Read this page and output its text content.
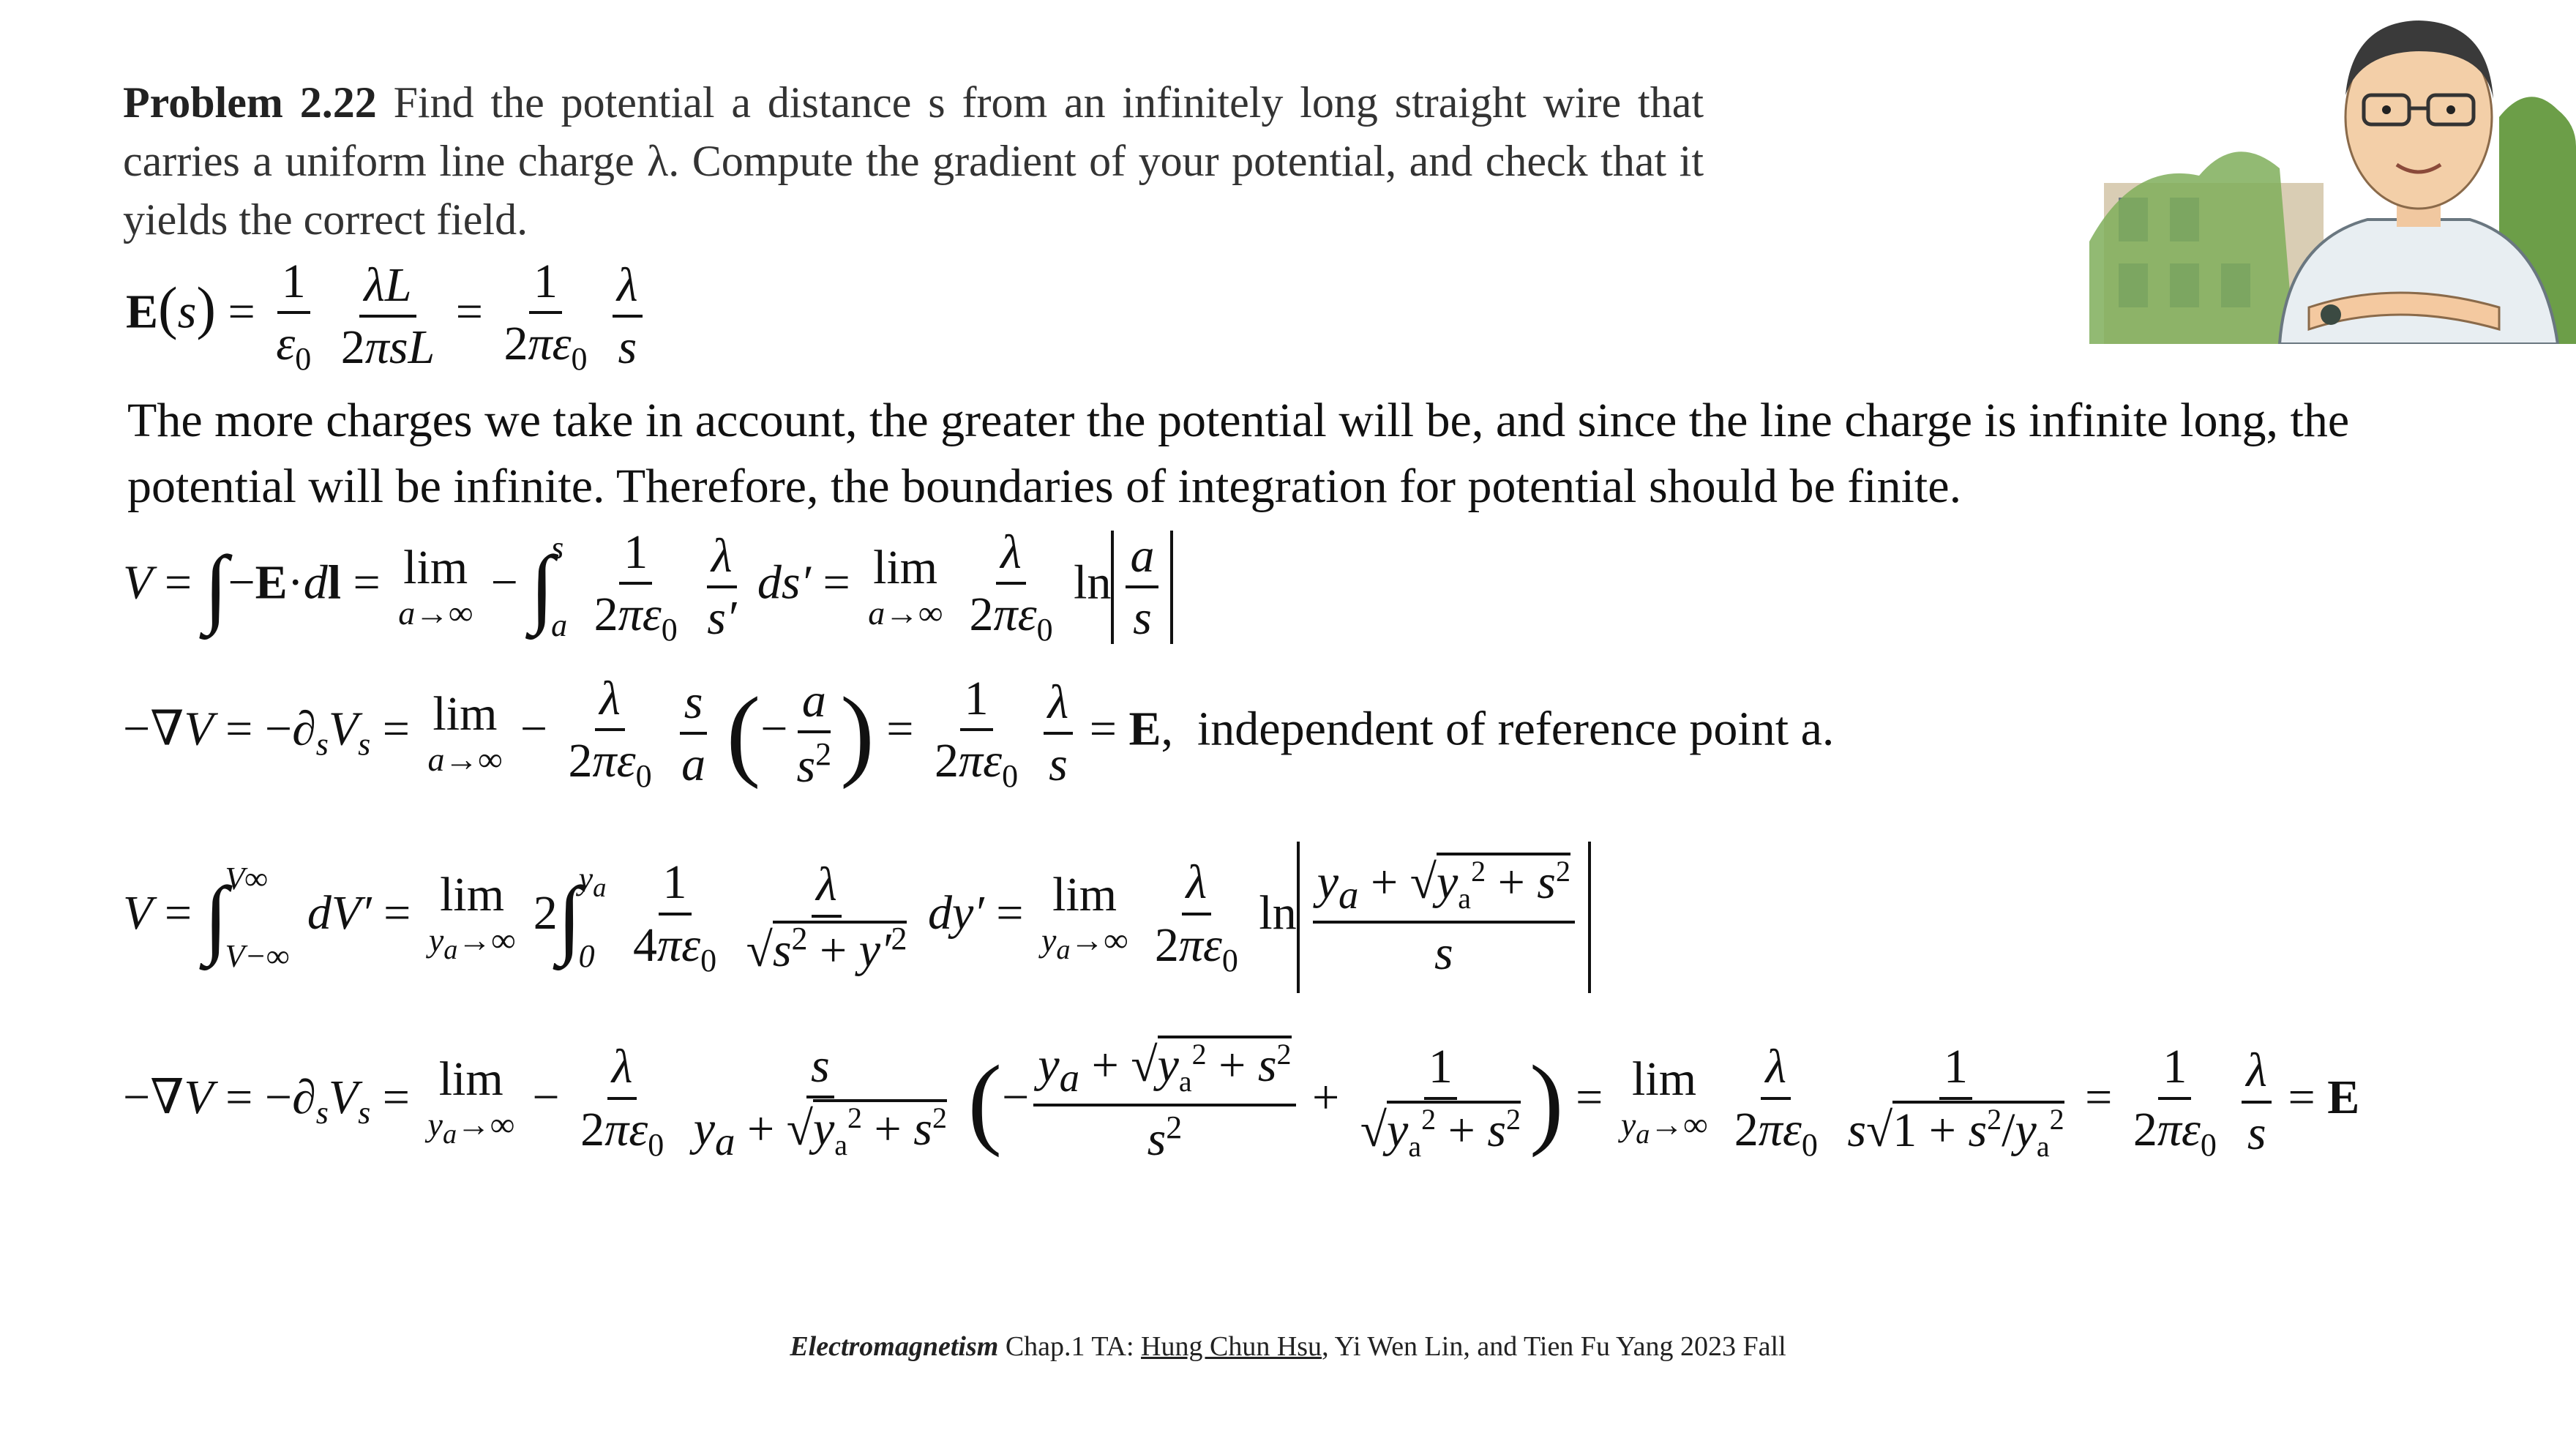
Problem 2.22 Find the potential a distance s from an infinitely long straight wire that carries a uniform line charge λ. Compute the gradient of your potential, and check that it yields the correct field.
$E(s) = \frac{1}{\varepsilon_0}$
$\frac{\lambda L}{\text{2πsL}} = \frac{1}{2\pi\varepsilon_0}$
$\frac{\lambda}{s}$
The more charges we take in account, the greater the potential will be, and since the line charge is infinite long, the potential will be infinite. Therefore, the boundaries of integration for potential should be finite.
V = ∫−E·dl = lim
a→∞
− ∫
s
a
$\frac{1}{2\pi\varepsilon_0}$
$\frac{\lambda}{s'} ds' = \lim$
a→∞
$\frac{\lambda}{2\pi\varepsilon_0}$ $\ln \frac{a}{s}$
$-\nabla V = -\partial_sV_s = \lim$
a→∞
− $\frac{\lambda}{2\pi\varepsilon_0}$
$\frac{s}{a}$ (− $\frac{a}{s^2}$ ) = $\frac{1}{2\pi\varepsilon_0}$
$\frac{\lambda}{s} = E$,  independent of reference point a.
V = ∫
V∞
V−∞
dV′ = lim
$y_a\to\infty$
2∫
$y_a$
0
$\frac{1}{4\pi\varepsilon_0}$
$\frac{\lambda}{√s^2 + y'^2} dy' = \lim$
$y_a\to\infty$
$\frac{\lambda}{2\pi\varepsilon_0}$ $\ln \frac{y_a + √y_a^2 + s^2}{s}$
$-\nabla V = -\partial_sV_s = \lim$
$y_a\to\infty$
− $\frac{\lambda}{2\pi\varepsilon_0}$
$\frac{s}{y_a + √y_a^2 + s^2}$ (− $\frac{y_a + √y_a^2 + s^2}{s^2} + \frac{1}{√y_a^2 + s^2}$ ) = lim
$y_a\to\infty$
$\frac{\lambda}{2\pi\varepsilon_0}$
$\frac{1}{s√1 + s^2/y_a^2} = \frac{1}{2\pi\varepsilon_0}$
$\frac{\lambda}{s} = E$
Electromagnetism Chap.1 TA: Hung Chun Hsu, Yi Wen Lin, and Tien Fu Yang 2023 Fall
